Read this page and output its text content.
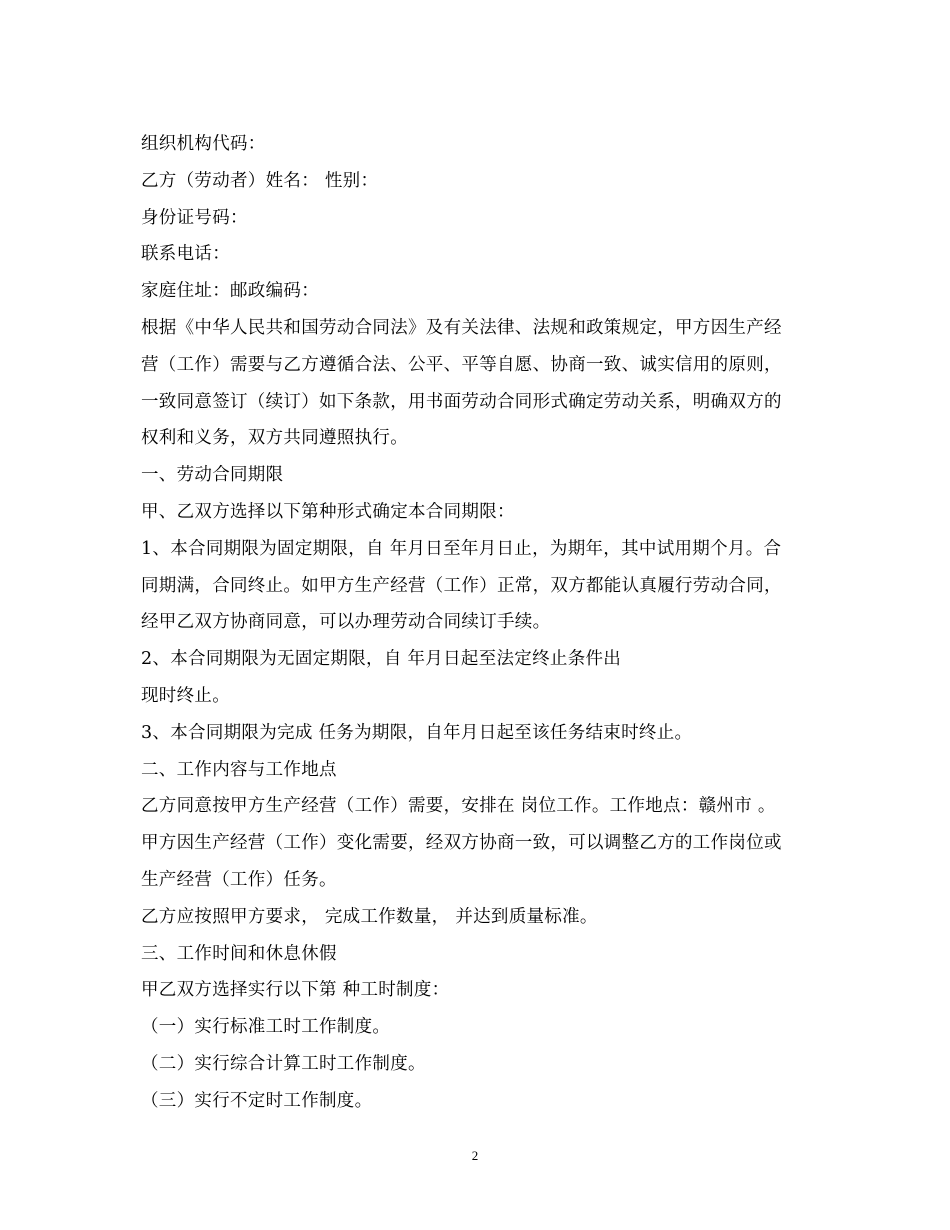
组织机构代码：
乙方（劳动者）姓名： 性别：
身份证号码：
联系电话：
家庭住址：邮政编码：
根据《中华人民共和国劳动合同法》及有关法律、法规和政策规定，甲方因生产经
营（工作）需要与乙方遵循合法、公平、平等自愿、协商一致、诚实信用的原则，
一致同意签订（续订）如下条款，用书面劳动合同形式确定劳动关系，明确双方的
权利和义务，双方共同遵照执行。
一、劳动合同期限
甲、乙双方选择以下第种形式确定本合同期限：
1、本合同期限为固定期限，自 年月日至年月日止，为期年，其中试用期个月。合
同期满，合同终止。如甲方生产经营（工作）正常，双方都能认真履行劳动合同，
经甲乙双方协商同意，可以办理劳动合同续订手续。
2、本合同期限为无固定期限，自 年月日起至法定终止条件出
现时终止。
3、本合同期限为完成 任务为期限，自年月日起至该任务结束时终止。
二、工作内容与工作地点
乙方同意按甲方生产经营（工作）需要，安排在 岗位工作。工作地点：赣州市 。
甲方因生产经营（工作）变化需要，经双方协商一致，可以调整乙方的工作岗位或
生产经营（工作）任务。
乙方应按照甲方要求， 完成工作数量， 并达到质量标准。
三、工作时间和休息休假
甲乙双方选择实行以下第 种工时制度：
（一）实行标准工时工作制度。
（二）实行综合计算工时工作制度。
（三）实行不定时工作制度。
2
